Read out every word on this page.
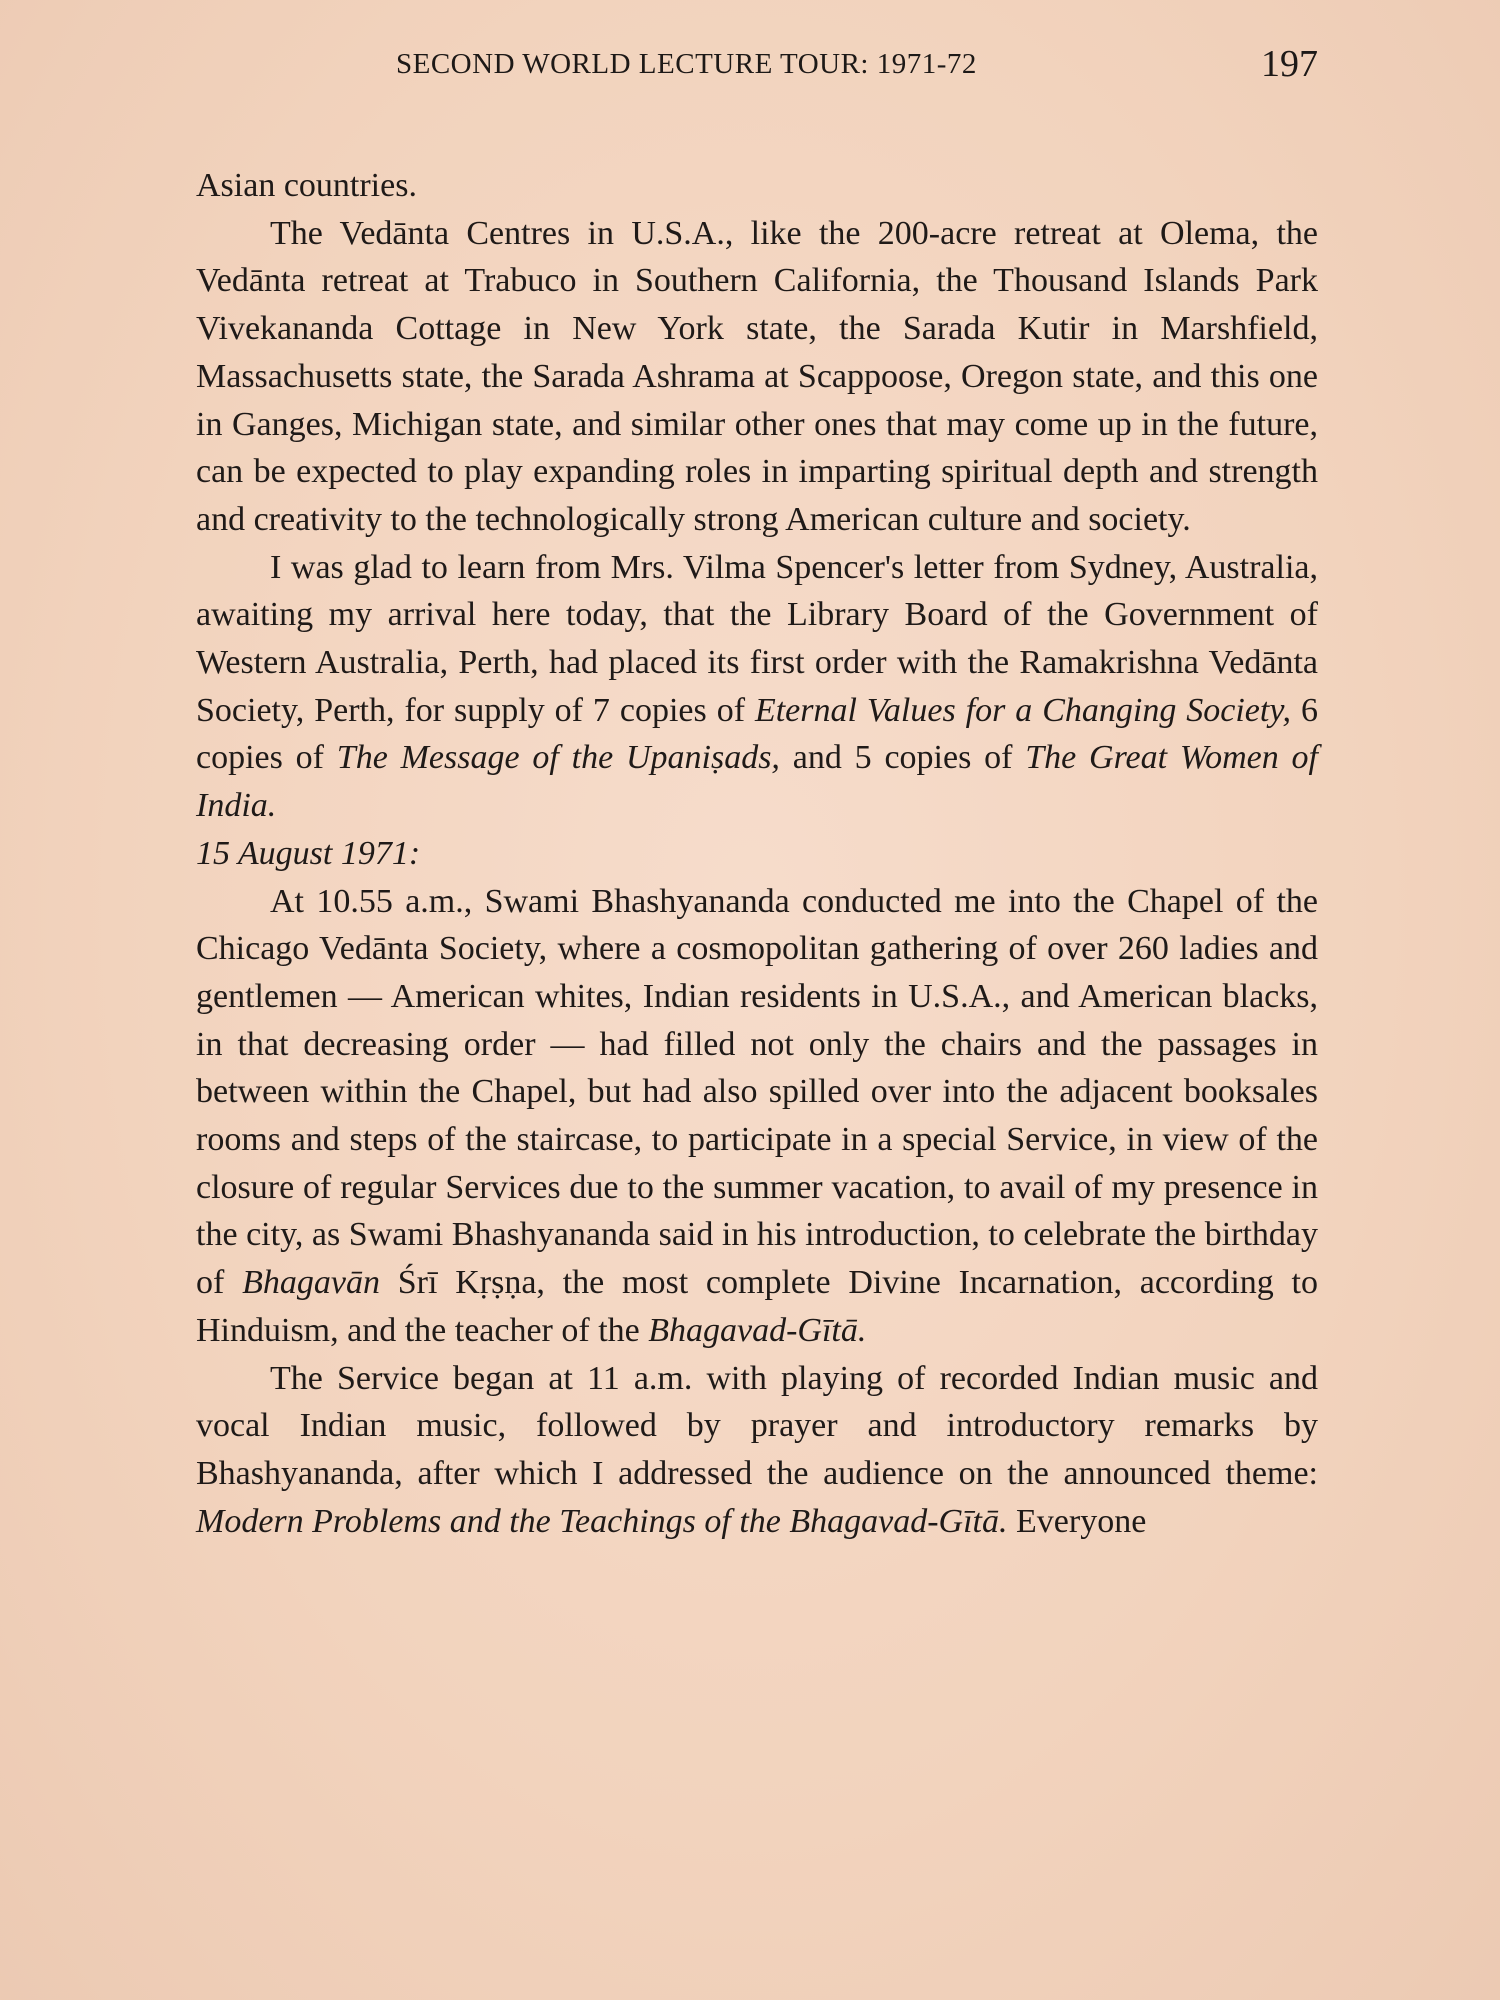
SECOND WORLD LECTURE TOUR: 1971-72	197

Asian countries.

The Vedānta Centres in U.S.A., like the 200-acre retreat at Olema, the Vedānta retreat at Trabuco in Southern California, the Thousand Islands Park Vivekananda Cottage in New York state, the Sarada Kutir in Marshfield, Massachusetts state, the Sarada Ashrama at Scappoose, Oregon state, and this one in Ganges, Michigan state, and similar other ones that may come up in the future, can be expected to play expanding roles in imparting spiritual depth and strength and creativity to the technologically strong American culture and society.

I was glad to learn from Mrs. Vilma Spencer's letter from Sydney, Australia, awaiting my arrival here today, that the Library Board of the Government of Western Australia, Perth, had placed its first order with the Ramakrishna Vedānta Society, Perth, for supply of 7 copies of Eternal Values for a Changing Society, 6 copies of The Message of the Upaniṣads, and 5 copies of The Great Women of India.

15 August 1971:

At 10.55 a.m., Swami Bhashyananda conducted me into the Chapel of the Chicago Vedānta Society, where a cosmopolitan gathering of over 260 ladies and gentlemen — American whites, Indian residents in U.S.A., and American blacks, in that decreasing order — had filled not only the chairs and the passages in between within the Chapel, but had also spilled over into the adjacent booksales rooms and steps of the staircase, to participate in a special Service, in view of the closure of regular Services due to the summer vacation, to avail of my presence in the city, as Swami Bhashyananda said in his introduction, to celebrate the birthday of Bhagavān Śrī Kṛṣṇa, the most complete Divine Incarnation, according to Hinduism, and the teacher of the Bhagavad-Gītā.

The Service began at 11 a.m. with playing of recorded Indian music and vocal Indian music, followed by prayer and introductory remarks by Bhashyananda, after which I addressed the audience on the announced theme: Modern Problems and the Teachings of the Bhagavad-Gītā. Everyone
